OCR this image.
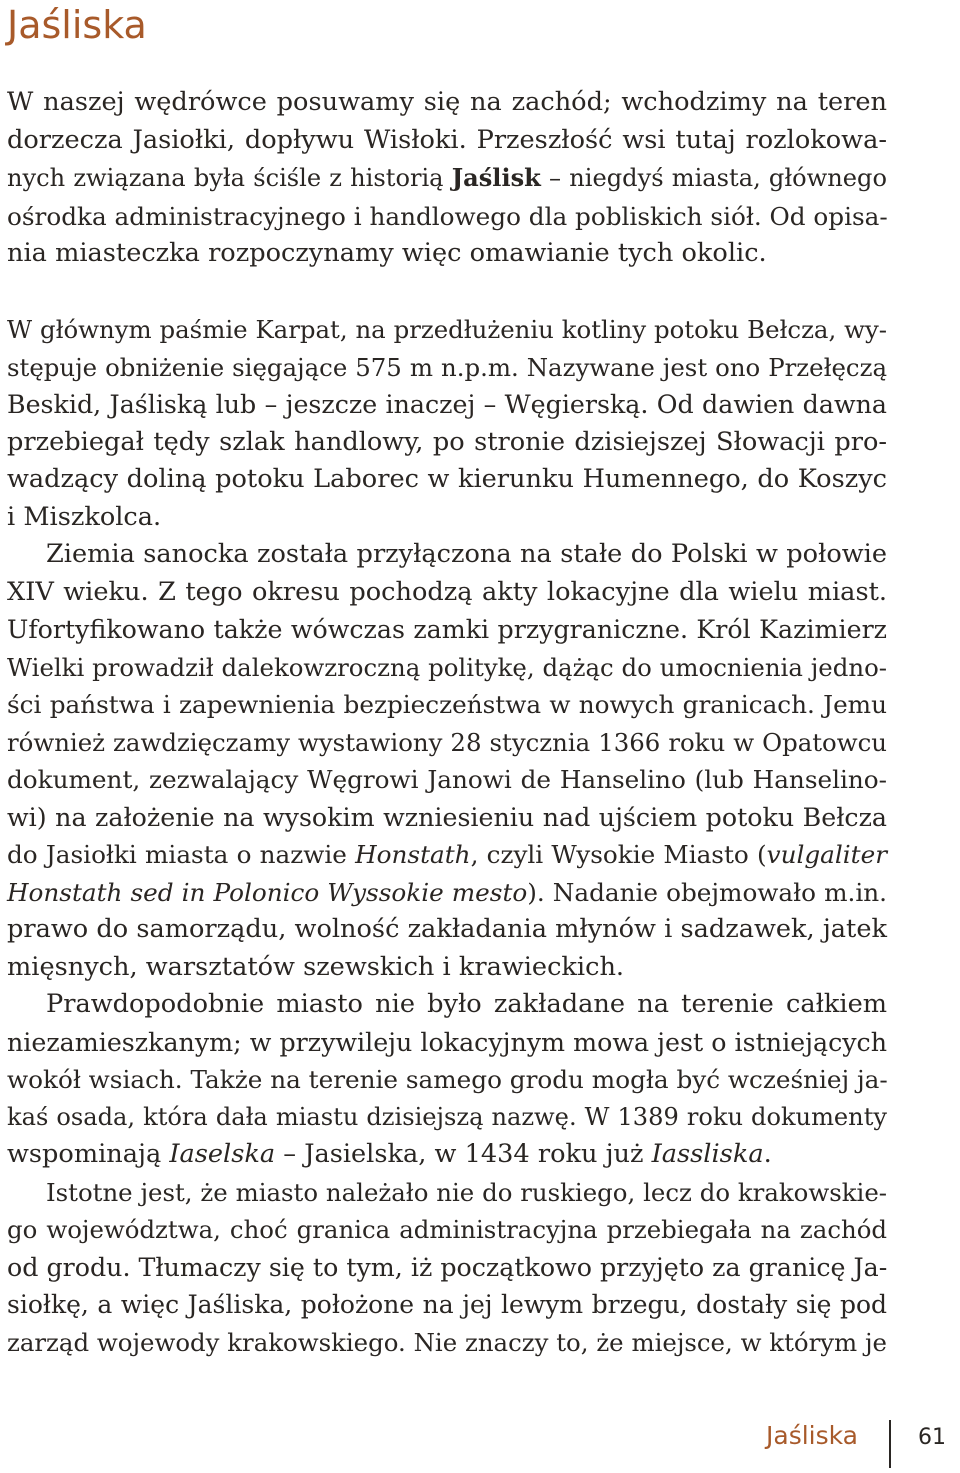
Jaśliska
W naszej wędrówce posuwamy się na zachód; wchodzimy na teren
dorzecza Jasiołki, dopływu Wisłoki. Przeszłość wsi tutaj rozlokowa-
nych związana była ściśle z historią Jaślisk – niegdyś miasta, głównego
ośrodka administracyjnego i handlowego dla pobliskich siół. Od opisa-
nia miasteczka rozpoczynamy więc omawianie tych okolic.
W głównym paśmie Karpat, na przedłużeniu kotliny potoku Bełcza, wy-
stępuje obniżenie sięgające 575 m n.p.m. Nazywane jest ono Przełęczą
Beskid, Jaśliską lub – jeszcze inaczej – Węgierską. Od dawien dawna
przebiegał tędy szlak handlowy, po stronie dzisiejszej Słowacji pro-
wadzący doliną potoku Laborec w kierunku Humennego, do Koszyc
i Miszkolca.
Ziemia sanocka została przyłączona na stałe do Polski w połowie
XIV wieku. Z tego okresu pochodzą akty lokacyjne dla wielu miast.
Ufortyfikowano także wówczas zamki przygraniczne. Król Kazimierz
Wielki prowadził dalekowzroczną politykę, dążąc do umocnienia jedno-
ści państwa i zapewnienia bezpieczeństwa w nowych granicach. Jemu
również zawdzięczamy wystawiony 28 stycznia 1366 roku w Opatowcu
dokument, zezwalający Węgrowi Janowi de Hanselino (lub Hanselino-
wi) na założenie na wysokim wzniesieniu nad ujściem potoku Bełcza
do Jasiołki miasta o nazwie Honstath, czyli Wysokie Miasto (vulgaliter
Honstath sed in Polonico Wyssokie mesto). Nadanie obejmowało m.in.
prawo do samorządu, wolność zakładania młynów i sadzawek, jatek
mięsnych, warsztatów szewskich i krawieckich.
Prawdopodobnie miasto nie było zakładane na terenie całkiem
niezamieszkanym; w przywileju lokacyjnym mowa jest o istniejących
wokół wsiach. Także na terenie samego grodu mogła być wcześniej ja-
kaś osada, która dała miastu dzisiejszą nazwę. W 1389 roku dokumenty
wspominają Iaselska – Jasielska, w 1434 roku już Iassliska.
Istotne jest, że miasto należało nie do ruskiego, lecz do krakowskie-
go województwa, choć granica administracyjna przebiegała na zachód
od grodu. Tłumaczy się to tym, iż początkowo przyjęto za granicę Ja-
siołkę, a więc Jaśliska, położone na jej lewym brzegu, dostały się pod
zarząd wojewody krakowskiego. Nie znaczy to, że miejsce, w którym je
Jaśliska	61
